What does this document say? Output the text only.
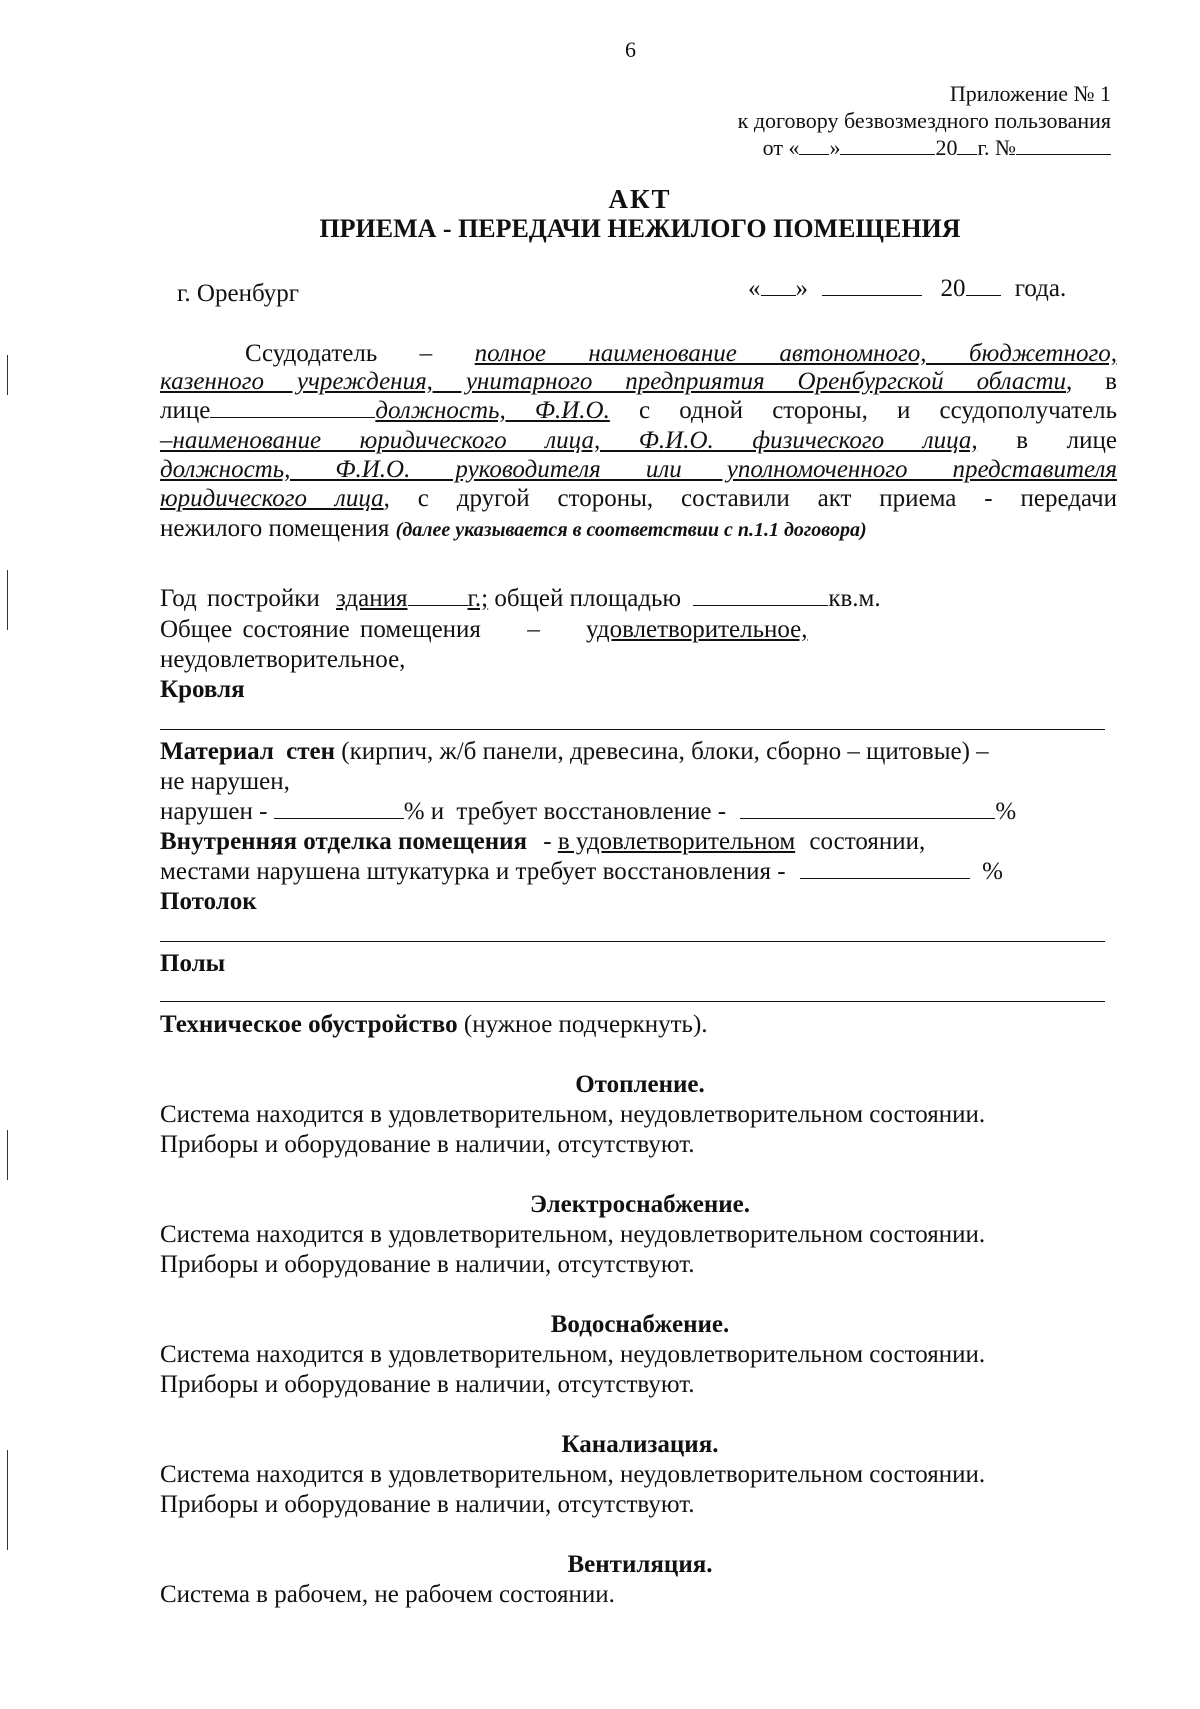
6
Приложение № 1
к договору безвозмездного пользования
от « »	20 г. №
АКТ
ПРИЕМА - ПЕРЕДАЧИ НЕЖИЛОГО ПОМЕЩЕНИЯ
г. Оренбург	« »	20 года.
Ссудодатель – полное наименование автономного, бюджетного,
казенного учреждения, унитарного предприятия Оренбургской области, в
лице	должность, Ф.И.О. с одной стороны, и ссудополучатель
–наименование юридического лица, Ф.И.О. физического лица, в лице
должность, Ф.И.О. руководителя или уполномоченного представителя
юридического лица, с другой стороны, составили акт приема - передачи
нежилого помещения (далее указывается в соответствии с п.1.1 договора)
Год постройки здания г.; общей площадью	кв.м.
Общее состояние помещения – удовлетворительное,
неудовлетворительное,
Кровля
Материал стен (кирпич, ж/б панели, древесина, блоки, сборно – щитовые) –
не нарушен,
нарушен -	% и требует восстановление -	%
Внутренняя отделка помещения - в удовлетворительном состоянии,
местами нарушена штукатурка и требует восстановления -	%
Потолок
Полы
Техническое обустройство (нужное подчеркнуть).
Отопление.
Система находится в удовлетворительном, неудовлетворительном состоянии.
Приборы и оборудование в наличии, отсутствуют.
Электроснабжение.
Система находится в удовлетворительном, неудовлетворительном состоянии.
Приборы и оборудование в наличии, отсутствуют.
Водоснабжение.
Система находится в удовлетворительном, неудовлетворительном состоянии.
Приборы и оборудование в наличии, отсутствуют.
Канализация.
Система находится в удовлетворительном, неудовлетворительном состоянии.
Приборы и оборудование в наличии, отсутствуют.
Вентиляция.
Система в рабочем, не рабочем состоянии.
